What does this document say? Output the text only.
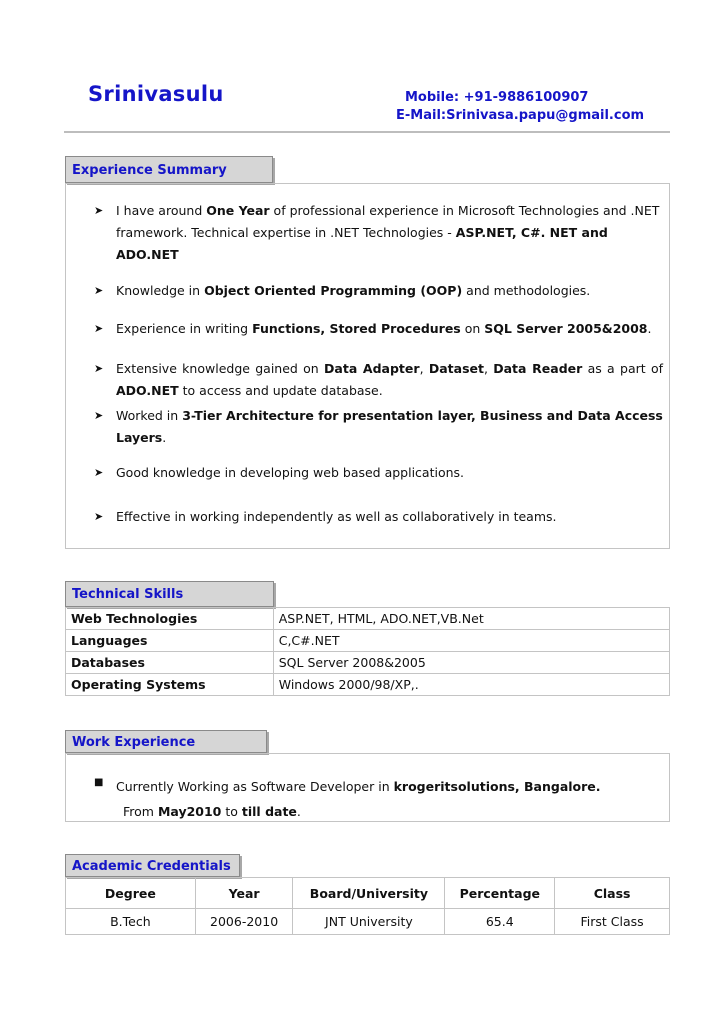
Srinivasulu	Mobile: +91-9886100907
E-Mail:Srinivasa.papu@gmail.com
Experience Summary
➤ I have around One Year of professional experience in Microsoft Technologies and .NET framework. Technical expertise in .NET Technologies - ASP.NET, C#. NET and ADO.NET
➤ Knowledge in Object Oriented Programming (OOP) and methodologies.
➤ Experience in writing Functions, Stored Procedures on SQL Server 2005&2008.
➤ Extensive knowledge gained on Data Adapter, Dataset, Data Reader as a part of
ADO.NET to access and update database.
➤ Worked in 3-Tier Architecture for presentation layer, Business and Data Access Layers.
➤ Good knowledge in developing web based applications.
➤ Effective in working independently as well as collaboratively in teams.
Technical Skills
Web Technologies	ASP.NET, HTML, ADO.NET,VB.Net
Languages	C,C#.NET
Databases	SQL Server 2008&2005
Operating Systems	Windows 2000/98/XP,.
Work Experience
■ Currently Working as Software Developer in krogeritsolutions, Bangalore.
From May2010 to till date.
Academic Credentials
Degree	Year	Board/University	Percentage	Class
B.Tech	2006-2010	JNT University	65.4	First Class
